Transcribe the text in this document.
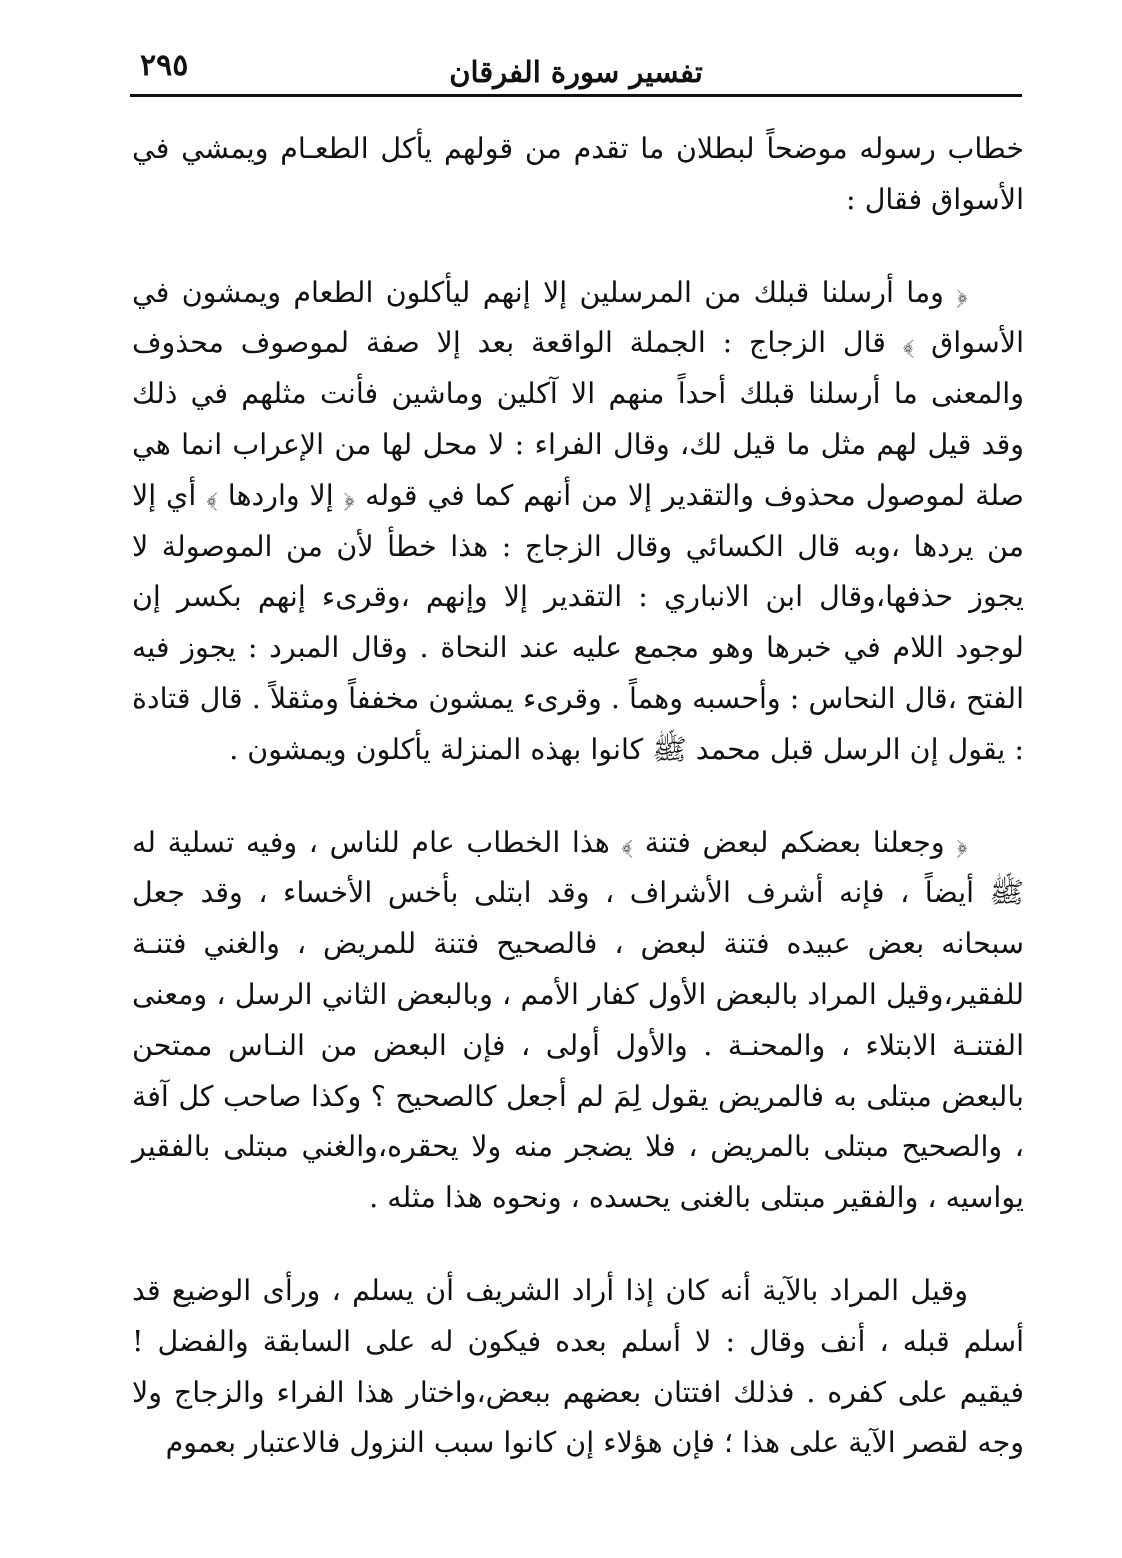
٢٩٥	تفسير سورة الفرقان

خطاب رسوله موضحاً لبطلان ما تقدم من قولهم يأكل الطعـام ويمشي في الأسواق فقال :

﴿ وما أرسلنا قبلك من المرسلين إلا إنهم ليأكلون الطعام ويمشون في الأسواق ﴾ قال الزجاج : الجملة الواقعة بعد إلا صفة لموصوف محذوف والمعنى ما أرسلنا قبلك أحداً منهم الا آكلين وماشين فأنت مثلهم في ذلك وقد قيل لهم مثل ما قيل لك، وقال الفراء : لا محل لها من الإعراب انما هي صلة لموصول محذوف والتقدير إلا من أنهم كما في قوله ﴿ إلا واردها ﴾ أي إلا من يردها ،وبه قال الكسائي وقال الزجاج : هذا خطأ لأن من الموصولة لا يجوز حذفها،وقال ابن الانباري : التقدير إلا وإنهم ،وقرىء إنهم بكسر إن لوجود اللام في خبرها وهو مجمع عليه عند النحاة . وقال المبرد : يجوز فيه الفتح ،قال النحاس : وأحسبه وهماً . وقرىء يمشون مخففاً ومثقلاً . قال قتادة : يقول إن الرسل قبل محمد ﷺ كانوا بهذه المنزلة يأكلون ويمشون .

﴿ وجعلنا بعضكم لبعض فتنة ﴾ هذا الخطاب عام للناس ، وفيه تسلية له ﷺ أيضاً ، فإنه أشرف الأشراف ، وقد ابتلى بأخس الأخساء ، وقد جعل سبحانه بعض عبيده فتنة لبعض ، فالصحيح فتنة للمريض ، والغني فتنـة للفقير،وقيل المراد بالبعض الأول كفار الأمم ، وبالبعض الثاني الرسل ، ومعنى الفتنـة الابتلاء ، والمحنـة . والأول أولى ، فإن البعض من النـاس ممتحن بالبعض مبتلى به فالمريض يقول لِمَ لم أجعل كالصحيح ؟ وكذا صاحب كل آفة ، والصحيح مبتلى بالمريض ، فلا يضجر منه ولا يحقره،والغني مبتلى بالفقير يواسيه ، والفقير مبتلى بالغنى يحسده ، ونحوه هذا مثله .

وقيل المراد بالآية أنه كان إذا أراد الشريف أن يسلم ، ورأى الوضيع قد أسلم قبله ، أنف وقال : لا أسلم بعده فيكون له على السابقة والفضل ! فيقيم على كفره . فذلك افتتان بعضهم ببعض،واختار هذا الفراء والزجاج ولا وجه لقصر الآية على هذا ؛ فإن هؤلاء إن كانوا سبب النزول فالاعتبار بعموم
